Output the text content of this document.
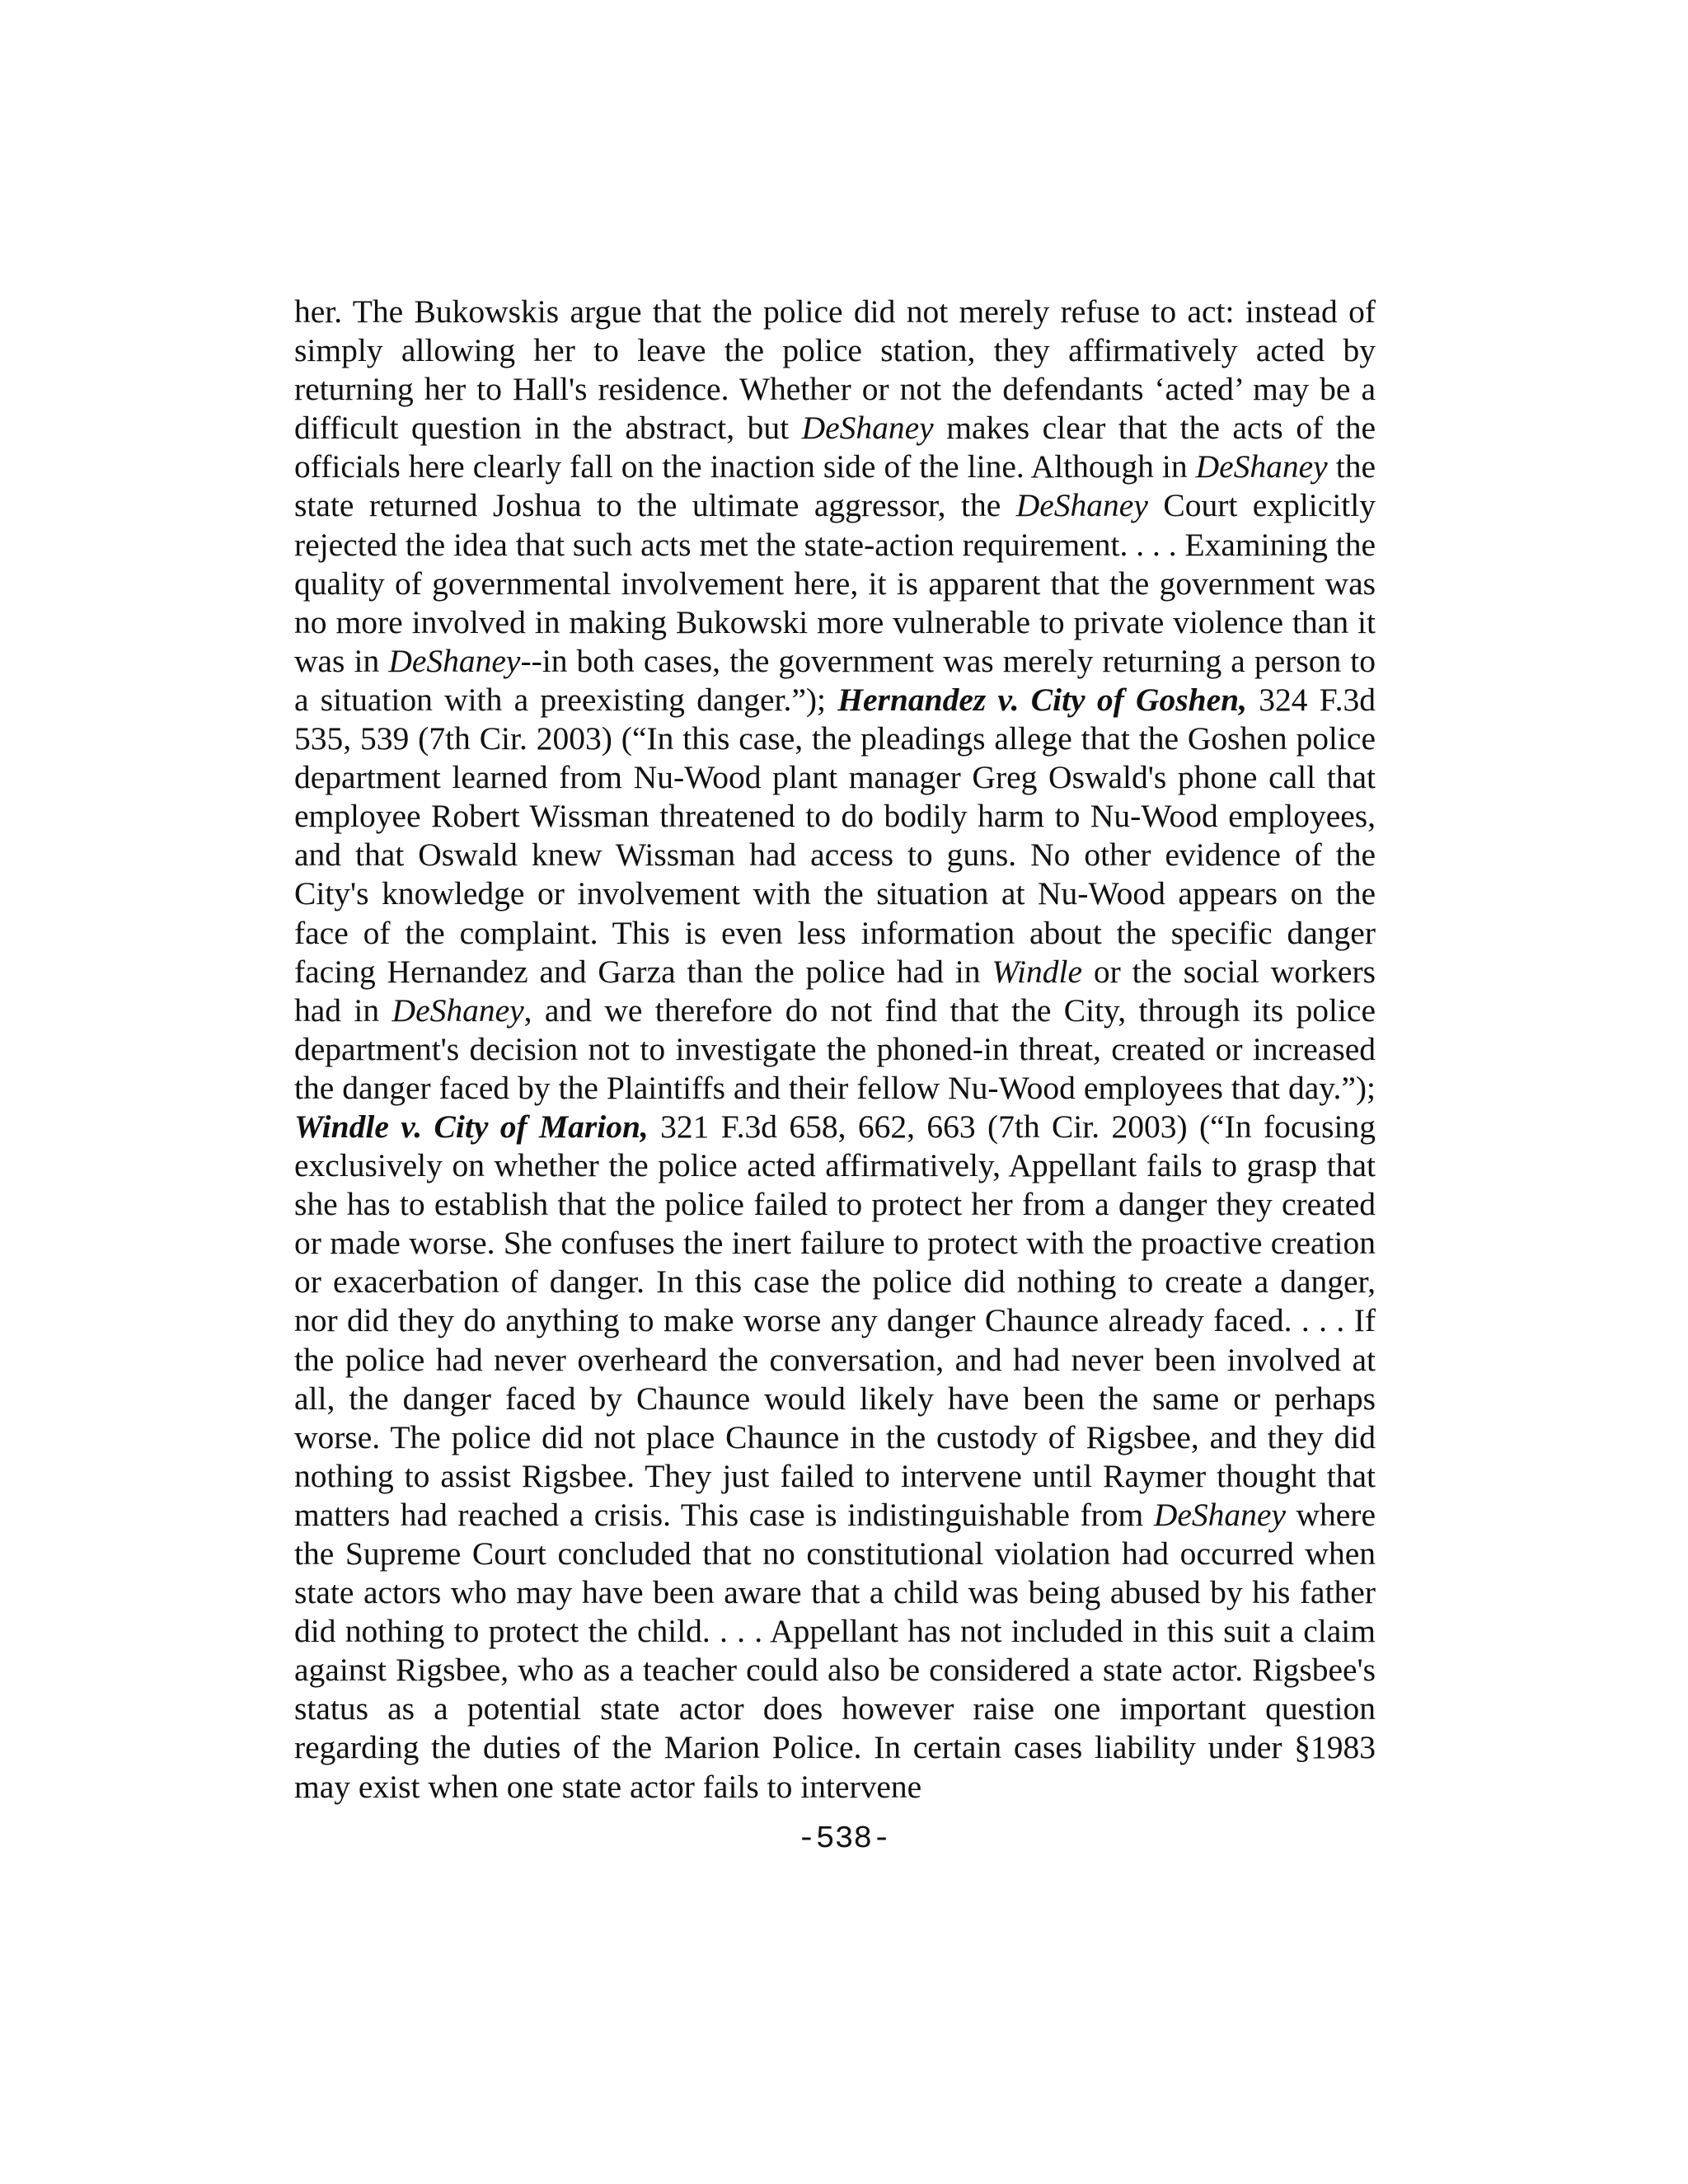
her. The Bukowskis argue that the police did not merely refuse to act: instead of simply allowing her to leave the police station, they affirmatively acted by returning her to Hall's residence. Whether or not the defendants ‘acted’ may be a difficult question in the abstract, but DeShaney makes clear that the acts of the officials here clearly fall on the inaction side of the line. Although in DeShaney the state returned Joshua to the ultimate aggressor, the DeShaney Court explicitly rejected the idea that such acts met the state-action requirement. . . . Examining the quality of governmental involvement here, it is apparent that the government was no more involved in making Bukowski more vulnerable to private violence than it was in DeShaney--in both cases, the government was merely returning a person to a situation with a preexisting danger.”); Hernandez v. City of Goshen, 324 F.3d 535, 539 (7th Cir. 2003) (“In this case, the pleadings allege that the Goshen police department learned from Nu-Wood plant manager Greg Oswald's phone call that employee Robert Wissman threatened to do bodily harm to Nu-Wood employees, and that Oswald knew Wissman had access to guns. No other evidence of the City's knowledge or involvement with the situation at Nu-Wood appears on the face of the complaint. This is even less information about the specific danger facing Hernandez and Garza than the police had in Windle or the social workers had in DeShaney, and we therefore do not find that the City, through its police department's decision not to investigate the phoned-in threat, created or increased the danger faced by the Plaintiffs and their fellow Nu-Wood employees that day.”); Windle v. City of Marion, 321 F.3d 658, 662, 663 (7th Cir. 2003) (“In focusing exclusively on whether the police acted affirmatively, Appellant fails to grasp that she has to establish that the police failed to protect her from a danger they created or made worse. She confuses the inert failure to protect with the proactive creation or exacerbation of danger. In this case the police did nothing to create a danger, nor did they do anything to make worse any danger Chaunce already faced. . . . If the police had never overheard the conversation, and had never been involved at all, the danger faced by Chaunce would likely have been the same or perhaps worse. The police did not place Chaunce in the custody of Rigsbee, and they did nothing to assist Rigsbee. They just failed to intervene until Raymer thought that matters had reached a crisis. This case is indistinguishable from DeShaney where the Supreme Court concluded that no constitutional violation had occurred when state actors who may have been aware that a child was being abused by his father did nothing to protect the child. . . . Appellant has not included in this suit a claim against Rigsbee, who as a teacher could also be considered a state actor. Rigsbee's status as a potential state actor does however raise one important question regarding the duties of the Marion Police. In certain cases liability under §1983 may exist when one state actor fails to intervene

-538-
